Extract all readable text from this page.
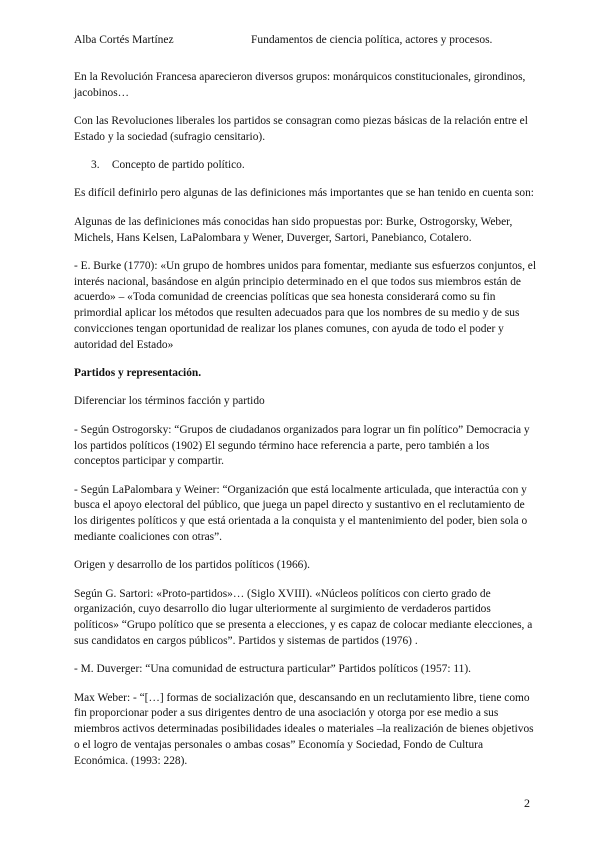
Alba Cortés Martínez	Fundamentos de ciencia política, actores y procesos.

En la Revolución Francesa aparecieron diversos grupos: monárquicos constitucionales, girondinos, jacobinos…

Con las Revoluciones liberales los partidos se consagran como piezas básicas de la relación entre el Estado y la sociedad (sufragio censitario).

3. Concepto de partido político.

Es difícil definirlo pero algunas de las definiciones más importantes que se han tenido en cuenta son:

Algunas de las definiciones más conocidas han sido propuestas por: Burke, Ostrogorsky, Weber, Michels, Hans Kelsen, LaPalombara y Wener, Duverger, Sartori, Panebianco, Cotalero.

- E. Burke (1770): «Un grupo de hombres unidos para fomentar, mediante sus esfuerzos conjuntos, el interés nacional, basándose en algún principio determinado en el que todos sus miembros están de acuerdo» – «Toda comunidad de creencias políticas que sea honesta considerará como su fin primordial aplicar los métodos que resulten adecuados para que los nombres de su medio y de sus convicciones tengan oportunidad de realizar los planes comunes, con ayuda de todo el poder y autoridad del Estado»

Partidos y representación.

Diferenciar los términos facción y partido

- Según Ostrogorsky: “Grupos de ciudadanos organizados para lograr un fin político” Democracia y los partidos políticos (1902) El segundo término hace referencia a parte, pero también a los conceptos participar y compartir.

- Según LaPalombara y Weiner: “Organización que está localmente articulada, que interactúa con y busca el apoyo electoral del público, que juega un papel directo y sustantivo en el reclutamiento de los dirigentes políticos y que está orientada a la conquista y el mantenimiento del poder, bien sola o mediante coaliciones con otras”.

Origen y desarrollo de los partidos políticos (1966).

Según G. Sartori: «Proto-partidos»… (Siglo XVIII). «Núcleos políticos con cierto grado de organización, cuyo desarrollo dio lugar ulteriormente al surgimiento de verdaderos partidos políticos» “Grupo político que se presenta a elecciones, y es capaz de colocar mediante elecciones, a sus candidatos en cargos públicos”. Partidos y sistemas de partidos (1976) .

- M. Duverger: “Una comunidad de estructura particular” Partidos políticos (1957: 11).

Max Weber: - “[…] formas de socialización que, descansando en un reclutamiento libre, tiene como fin proporcionar poder a sus dirigentes dentro de una asociación y otorga por ese medio a sus miembros activos determinadas posibilidades ideales o materiales –la realización de bienes objetivos o el logro de ventajas personales o ambas cosas” Economía y Sociedad, Fondo de Cultura Económica. (1993: 228).

2
